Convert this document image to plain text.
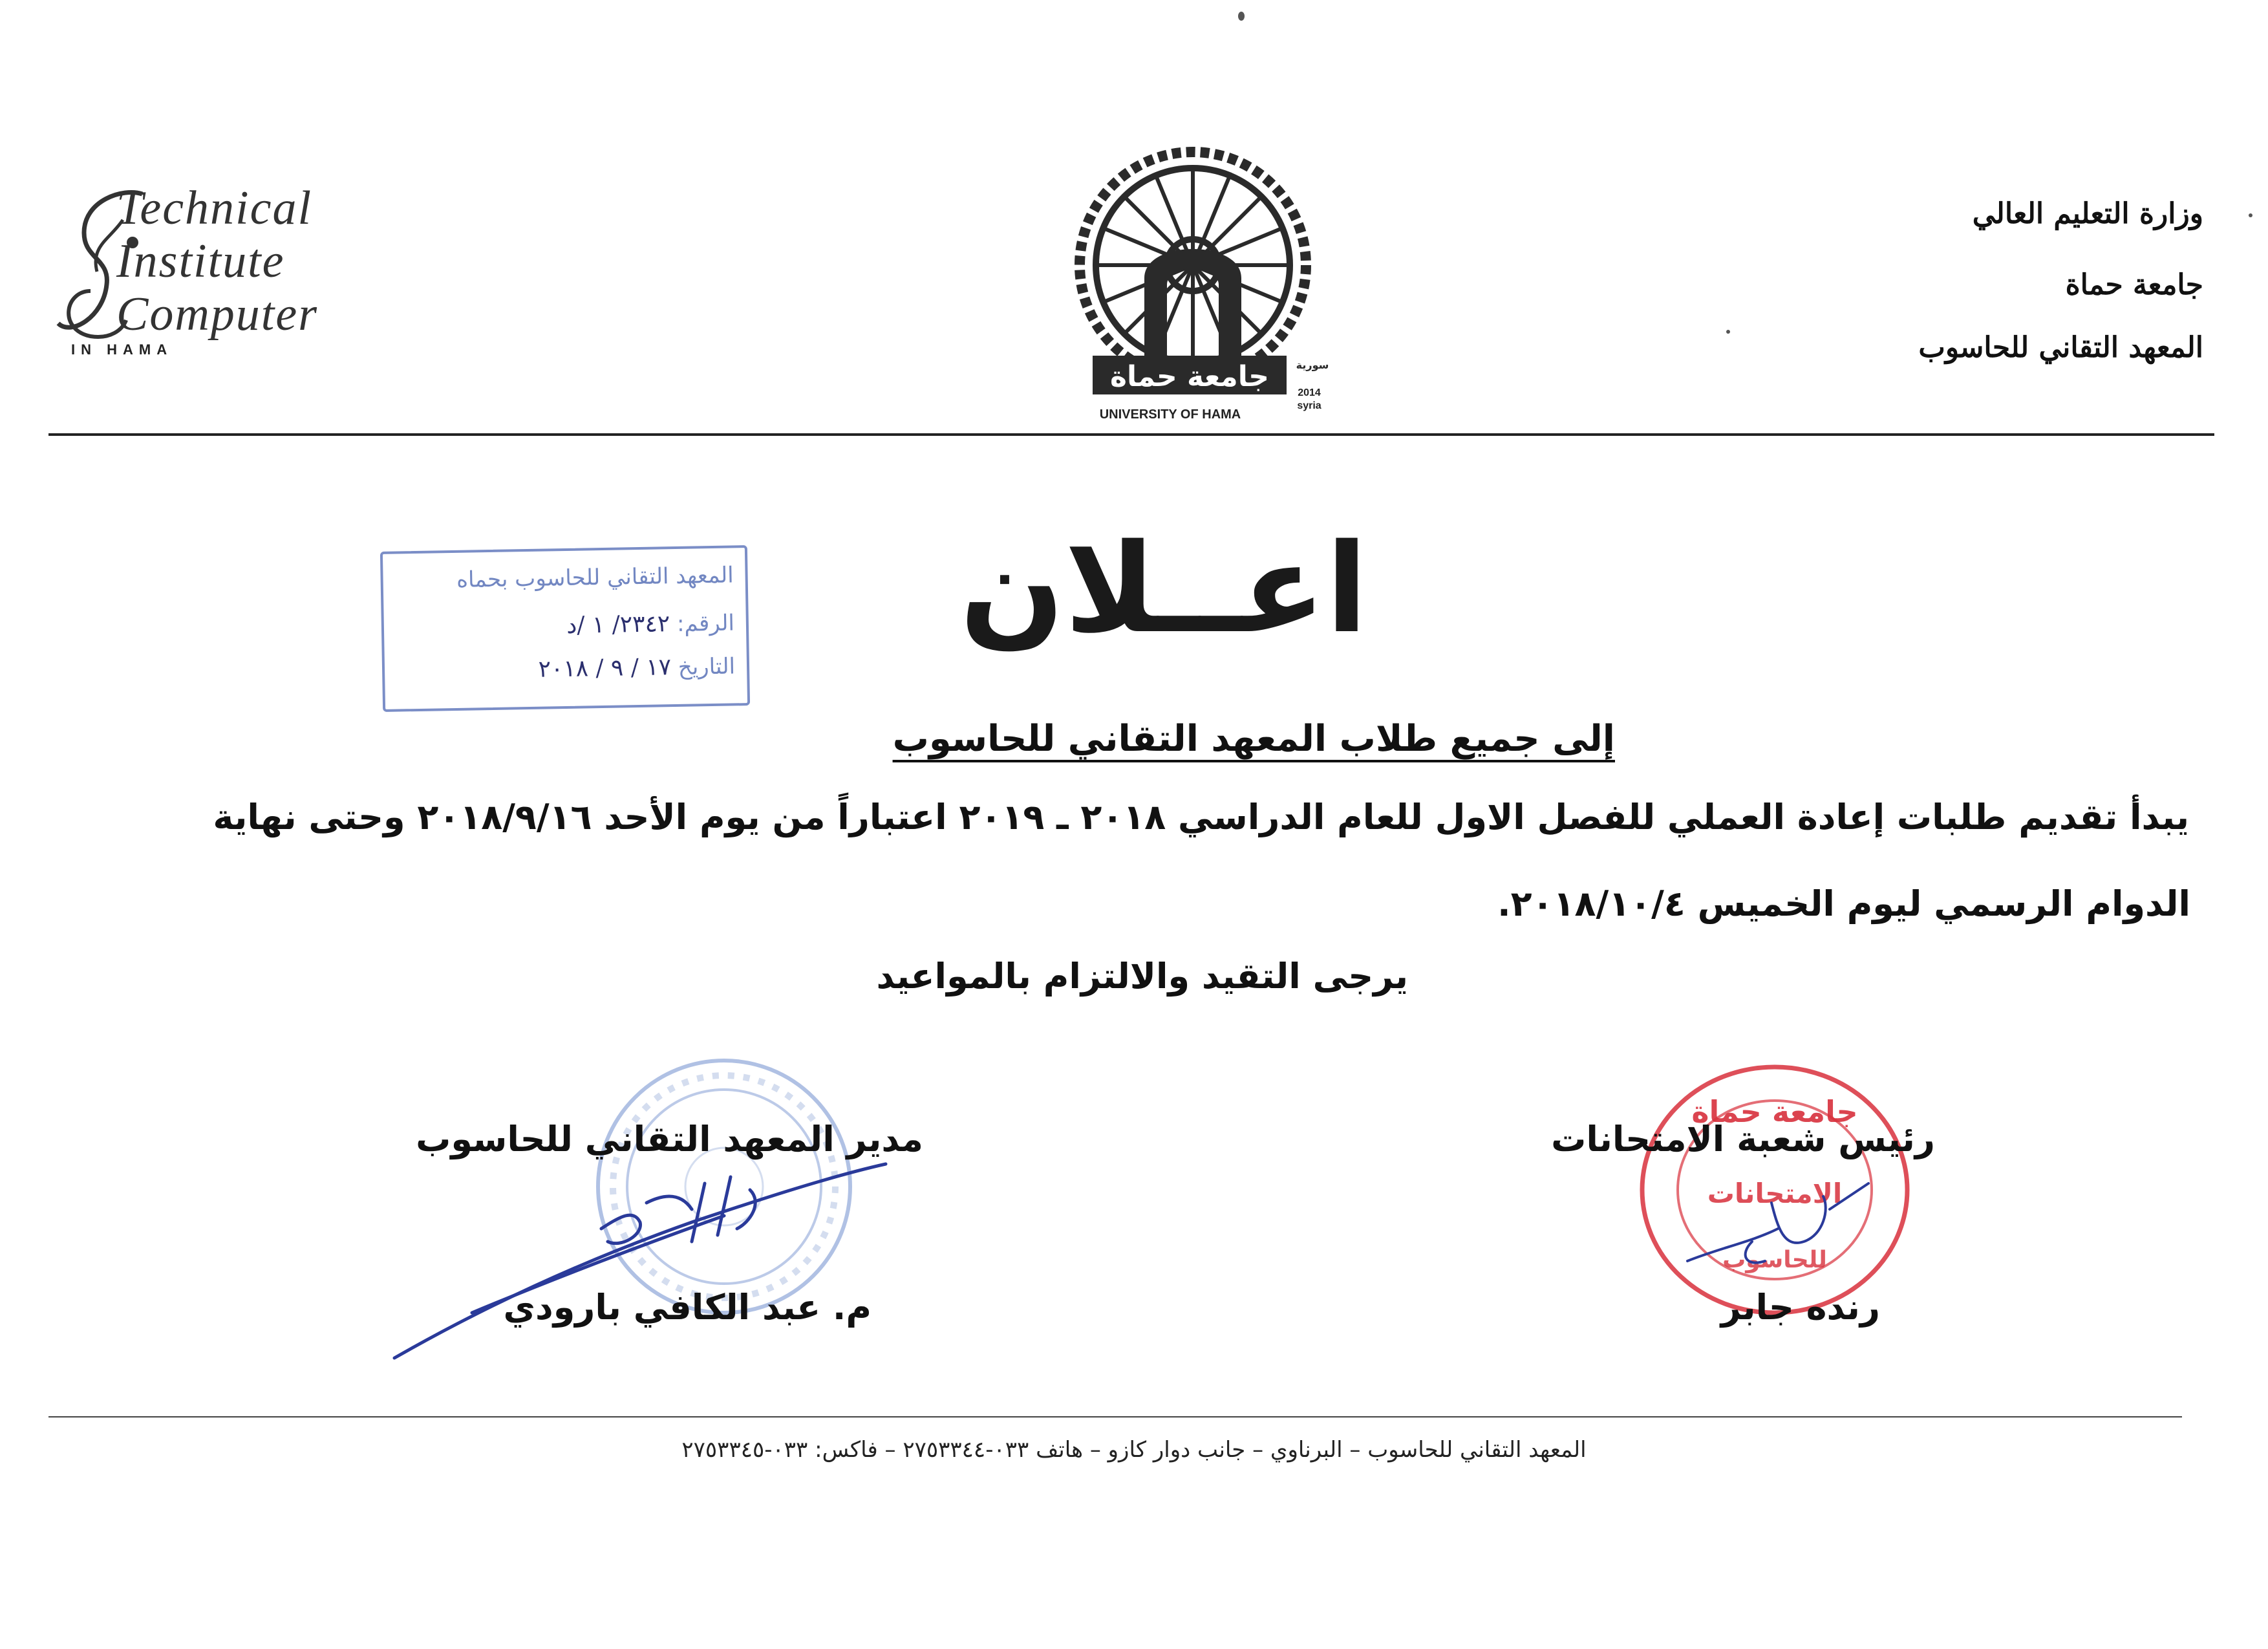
Technical
Institute
Computer
IN HAMA
جامعة حماة	سورية
2014
syria
UNIVERSITY OF HAMA
وزارة التعليم العالي
جامعة حماة
المعهد التقاني للحاسوب
المعهد التقاني للحاسوب بحماه
الرقم: ٢٣٤٢/ ١ /د
التاريخ ١٧ / ٩ / ٢٠١٨
اعــلان
إلى جميع طلاب المعهد التقاني للحاسوب
يبدأ تقديم طلبات إعادة العملي للفصل الاول للعام الدراسي ٢٠١٨ ـ ٢٠١٩ اعتباراً من يوم الأحد ٢٠١٨/٩/١٦ وحتى نهاية
الدوام الرسمي ليوم الخميس ٢٠١٨/١٠/٤.
يرجى التقيد والالتزام بالمواعيد
جامعة حماة
الامتحانات
للحاسوب
مدير المعهد التقاني للحاسوب	رئيس شعبة الامتحانات
م. عبد الكافي بارودي	رنده جابر
المعهد التقاني للحاسوب – البرناوي – جانب دوار كازو – هاتف ٠٣٣-٢٧٥٣٣٤٤ – فاكس: ٠٣٣-٢٧٥٣٣٤٥
